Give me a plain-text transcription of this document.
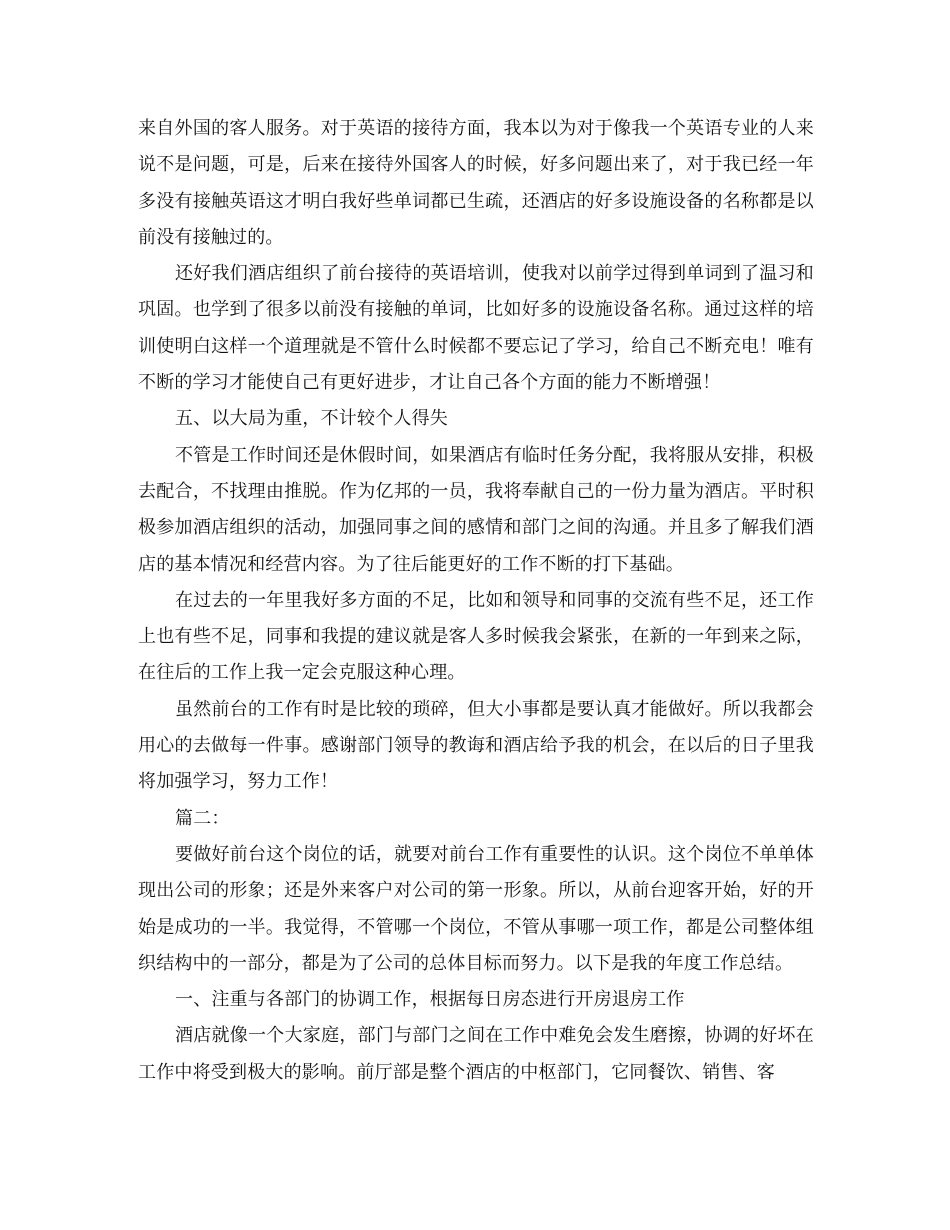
来自外国的客人服务。对于英语的接待方面，我本以为对于像我一个英语专业的人来说不是问题，可是，后来在接待外国客人的时候，好多问题出来了，对于我已经一年多没有接触英语这才明白我好些单词都已生疏，还酒店的好多设施设备的名称都是以前没有接触过的。

还好我们酒店组织了前台接待的英语培训，使我对以前学过得到单词到了温习和巩固。也学到了很多以前没有接触的单词，比如好多的设施设备名称。通过这样的培训使明白这样一个道理就是不管什么时候都不要忘记了学习，给自己不断充电！唯有不断的学习才能使自己有更好进步，才让自己各个方面的能力不断增强！

五、以大局为重，不计较个人得失

不管是工作时间还是休假时间，如果酒店有临时任务分配，我将服从安排，积极去配合，不找理由推脱。作为亿邦的一员，我将奉献自己的一份力量为酒店。平时积极参加酒店组织的活动，加强同事之间的感情和部门之间的沟通。并且多了解我们酒店的基本情况和经营内容。为了往后能更好的工作不断的打下基础。

在过去的一年里我好多方面的不足，比如和领导和同事的交流有些不足，还工作上也有些不足，同事和我提的建议就是客人多时候我会紧张，在新的一年到来之际，在往后的工作上我一定会克服这种心理。

虽然前台的工作有时是比较的琐碎，但大小事都是要认真才能做好。所以我都会用心的去做每一件事。感谢部门领导的教诲和酒店给予我的机会，在以后的日子里我将加强学习，努力工作！

篇二：

要做好前台这个岗位的话，就要对前台工作有重要性的认识。这个岗位不单单体现出公司的形象；还是外来客户对公司的第一形象。所以，从前台迎客开始，好的开始是成功的一半。我觉得，不管哪一个岗位，不管从事哪一项工作，都是公司整体组织结构中的一部分，都是为了公司的总体目标而努力。以下是我的年度工作总结。

一、注重与各部门的协调工作，根据每日房态进行开房退房工作

酒店就像一个大家庭，部门与部门之间在工作中难免会发生磨擦，协调的好坏在工作中将受到极大的影响。前厅部是整个酒店的中枢部门，它同餐饮、销售、客
